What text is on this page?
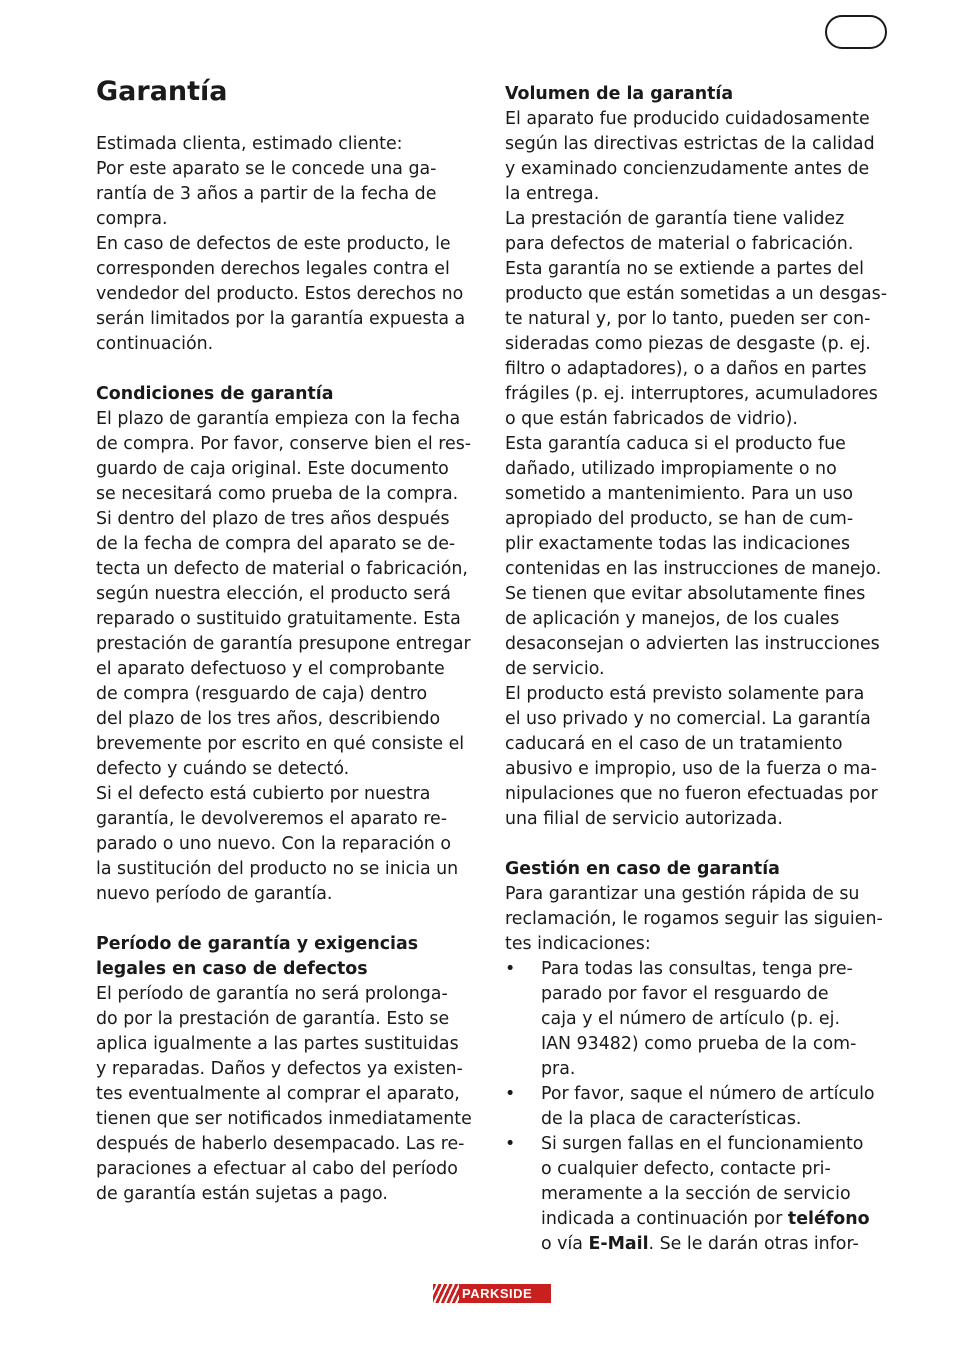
Garantía
Estimada clienta, estimado cliente:
Por este aparato se le concede una ga-
rantía de 3 años a partir de la fecha de
compra.
En caso de defectos de este producto, le
corresponden derechos legales contra el
vendedor del producto. Estos derechos no
serán limitados por la garantía expuesta a
continuación.
Condiciones de garantía
El plazo de garantía empieza con la fecha
de compra. Por favor, conserve bien el res-
guardo de caja original. Este documento
se necesitará como prueba de la compra.
Si dentro del plazo de tres años después
de la fecha de compra del aparato se de-
tecta un defecto de material o fabricación,
según nuestra elección, el producto será
reparado o sustituido gratuitamente. Esta
prestación de garantía presupone entregar
el aparato defectuoso y el comprobante
de compra (resguardo de caja) dentro
del plazo de los tres años, describiendo
brevemente por escrito en qué consiste el
defecto y cuándo se detectó.
Si el defecto está cubierto por nuestra
garantía, le devolveremos el aparato re-
parado o uno nuevo. Con la reparación o
la sustitución del producto no se inicia un
nuevo período de garantía.
Período de garantía y exigencias
legales en caso de defectos
El período de garantía no será prolonga-
do por la prestación de garantía. Esto se
aplica igualmente a las partes sustituidas
y reparadas. Daños y defectos ya existen-
tes eventualmente al comprar el aparato,
tienen que ser notificados inmediatamente
después de haberlo desempacado. Las re-
paraciones a efectuar al cabo del período
de garantía están sujetas a pago.
Volumen de la garantía
El aparato fue producido cuidadosamente
según las directivas estrictas de la calidad
y examinado concienzudamente antes de
la entrega.
La prestación de garantía tiene validez
para defectos de material o fabricación.
Esta garantía no se extiende a partes del
producto que están sometidas a un desgas-
te natural y, por lo tanto, pueden ser con-
sideradas como piezas de desgaste (p. ej.
filtro o adaptadores), o a daños en partes
frágiles (p. ej. interruptores, acumuladores
o que están fabricados de vidrio).
Esta garantía caduca si el producto fue
dañado, utilizado impropiamente o no
sometido a mantenimiento. Para un uso
apropiado del producto, se han de cum-
plir exactamente todas las indicaciones
contenidas en las instrucciones de manejo.
Se tienen que evitar absolutamente fines
de aplicación y manejos, de los cuales
desaconsejan o advierten las instrucciones
de servicio.
El producto está previsto solamente para
el uso privado y no comercial. La garantía
caducará en el caso de un tratamiento
abusivo e impropio, uso de la fuerza o ma-
nipulaciones que no fueron efectuadas por
una filial de servicio autorizada.
Gestión en caso de garantía
Para garantizar una gestión rápida de su
reclamación, le rogamos seguir las siguien-
tes indicaciones:
•	Para todas las consultas, tenga pre-
parado por favor el resguardo de
caja y el número de artículo (p. ej.
IAN 93482) como prueba de la com-
pra.
•	Por favor, saque el número de artículo
de la placa de características.
•	Si surgen fallas en el funcionamiento
o cualquier defecto, contacte pri-
meramente a la sección de servicio
indicada a continuación por teléfono
o vía E-Mail. Se le darán otras infor-
PARKSIDE
